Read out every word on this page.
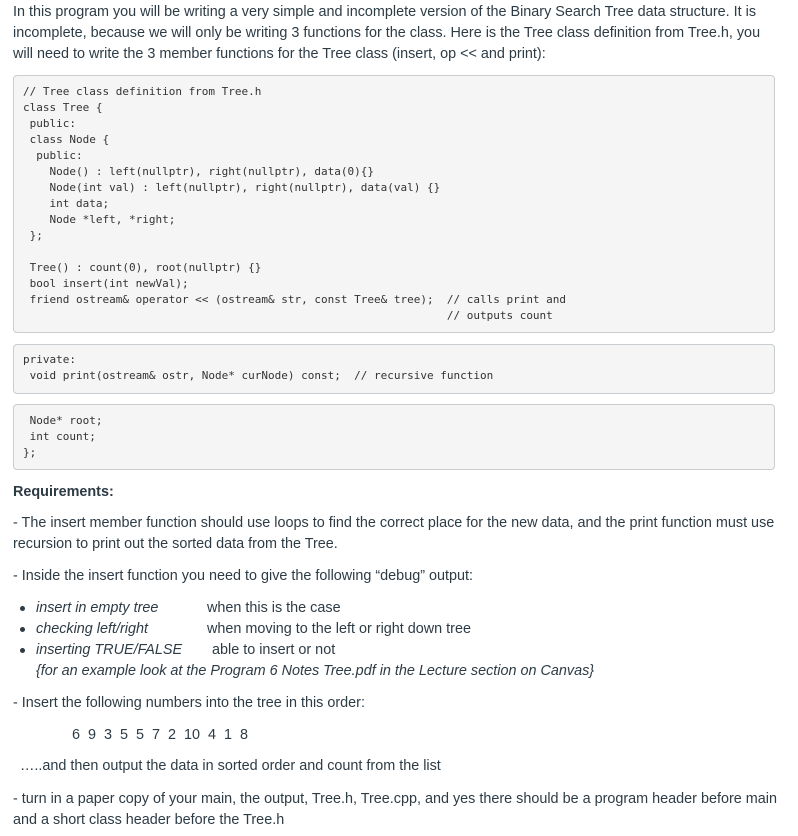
In this program you will be writing a very simple and incomplete version of the Binary Search Tree data structure. It is

incomplete, because we will only be writing 3 functions for the class. Here is the Tree class definition from Tree.h, you

will need to write the 3 member functions for the Tree class (insert, op << and print):

// Tree class definition from Tree.h
class Tree {
public:
class Node {
public:
Node() : left(nullptr), right(nullptr), data(0){}
Node(int val) : left(nullptr), right(nullptr), data(val) {}
int data;
Node *left, *right;
};
Tree() : count(0), root(nullptr) {}
bool insert(int newVal);
friend ostream& operator << (ostream& str, const Tree& tree);  // calls print and
// outputs count
private:
void print(ostream& ostr, Node* curNode) const;  // recursive function
Node* root;
int count;
};

Requirements:

- The insert member function should use loops to find the correct place for the new data, and the print function must use

recursion to print out the sorted data from the Tree.

- Inside the insert function you need to give the following “debug” output:

insert in empty tree	when this is the case
checking left/right	when moving to the left or right down tree
inserting TRUE/FALSE able to insert or not

{for an example look at the Program 6 Notes Tree.pdf in the Lecture section on Canvas}

- Insert the following numbers into the tree in this order:

6  9  3  5  5  7  2  10  4  1  8

…..and then output the data in sorted order and count from the list

- turn in a paper copy of your main, the output, Tree.h, Tree.cpp, and yes there should be a program header before main

and a short class header before the Tree.h
